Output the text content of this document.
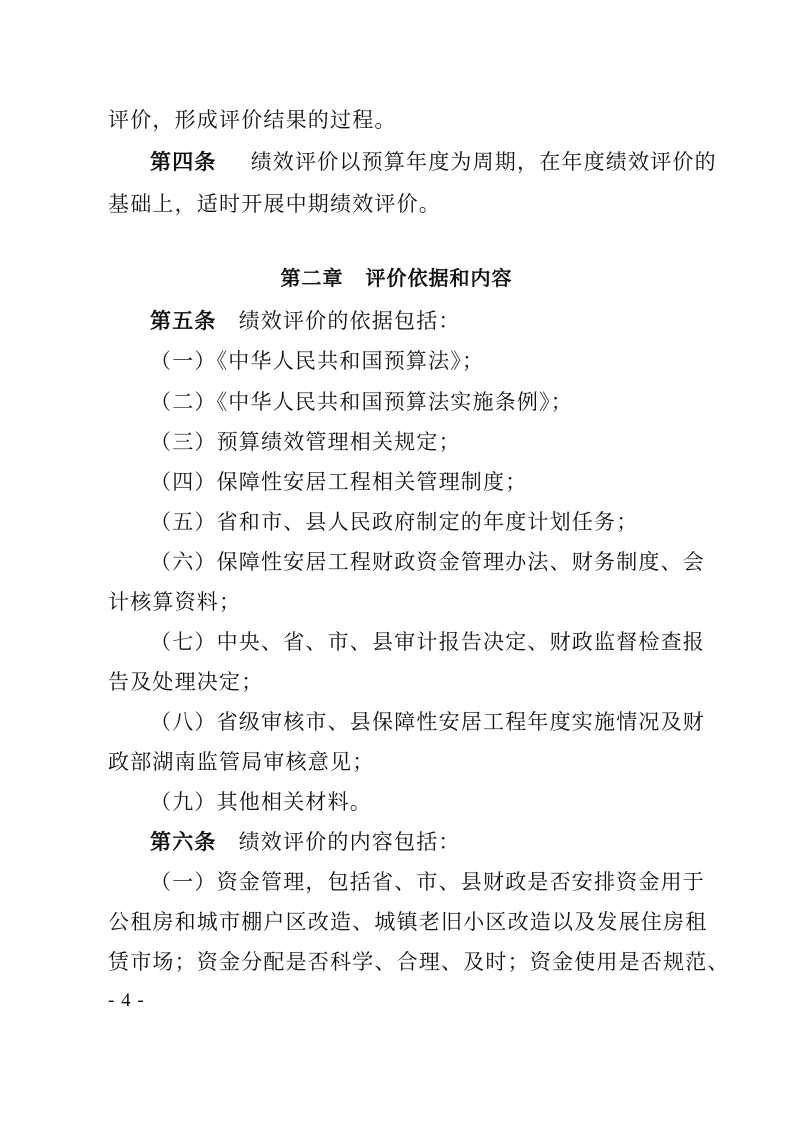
评价，形成评价结果的过程。
第四条 绩效评价以预算年度为周期，在年度绩效评价的
基础上，适时开展中期绩效评价。
第二章 评价依据和内容
第五条 绩效评价的依据包括：
（一）《中华人民共和国预算法》；
（二）《中华人民共和国预算法实施条例》；
（三）预算绩效管理相关规定；
（四）保障性安居工程相关管理制度；
（五）省和市、县人民政府制定的年度计划任务；
（六）保障性安居工程财政资金管理办法、财务制度、会
计核算资料；
（七）中央、省、市、县审计报告决定、财政监督检查报
告及处理决定；
（八）省级审核市、县保障性安居工程年度实施情况及财
政部湖南监管局审核意见；
（九）其他相关材料。
第六条 绩效评价的内容包括：
（一）资金管理，包括省、市、县财政是否安排资金用于
公租房和城市棚户区改造、城镇老旧小区改造以及发展住房租
赁市场；资金分配是否科学、合理、及时；资金使用是否规范、
- 4 -
